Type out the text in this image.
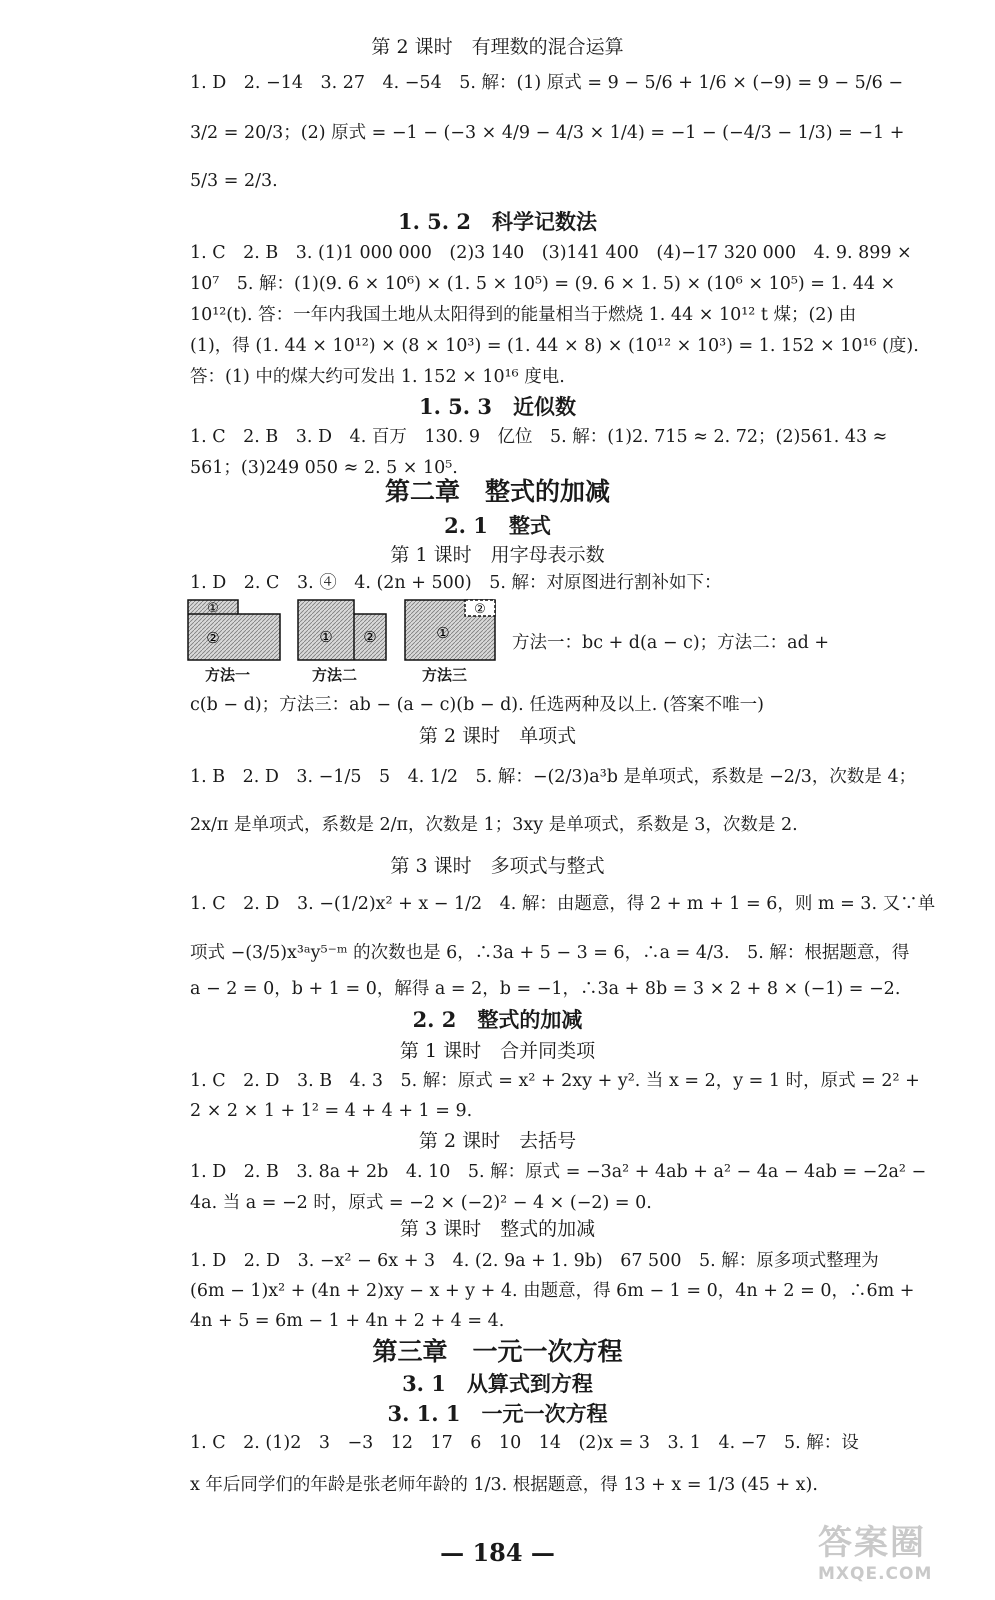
第 2 课时　有理数的混合运算
1. D　2. −14　3. 27　4. −54　5. 解：(1) 原式 = 9 − 5/6 + 1/6 × (−9) = 9 − 5/6 −
3/2 = 20/3；(2) 原式 = −1 − (−3 × 4/9 − 4/3 × 1/4) = −1 − (−4/3 − 1/3) = −1 +
5/3 = 2/3.
1. 5. 2　科学记数法
1. C　2. B　3. (1)1 000 000　(2)3 140　(3)141 400　(4)−17 320 000　4. 9. 899 ×
10⁷　5. 解：(1)(9. 6 × 10⁶) × (1. 5 × 10⁵) = (9. 6 × 1. 5) × (10⁶ × 10⁵) = 1. 44 ×
10¹²(t). 答：一年内我国土地从太阳得到的能量相当于燃烧 1. 44 × 10¹² t 煤；(2) 由
(1)，得 (1. 44 × 10¹²) × (8 × 10³) = (1. 44 × 8) × (10¹² × 10³) = 1. 152 × 10¹⁶ (度).
答：(1) 中的煤大约可发出 1. 152 × 10¹⁶ 度电.
1. 5. 3　近似数
1. C　2. B　3. D　4. 百万　130. 9　亿位　5. 解：(1)2. 715 ≈ 2. 72；(2)561. 43 ≈
561；(3)249 050 ≈ 2. 5 × 10⁵.
第二章　整式的加减
2. 1　整式
第 1 课时　用字母表示数
1. D　2. C　3. ④　4. (2n + 500)　5. 解：对原图进行割补如下：
①
②
方法一
① ②
方法二
①
②
方法三
方法一：bc + d(a − c)；方法二：ad +
c(b − d)；方法三：ab − (a − c)(b − d). 任选两种及以上. (答案不唯一)
第 2 课时　单项式
1. B　2. D　3. −1/5　5　4. 1/2　5. 解：−(2/3)a³b 是单项式，系数是 −2/3，次数是 4；
2x/π 是单项式，系数是 2/π，次数是 1；3xy 是单项式，系数是 3，次数是 2.
第 3 课时　多项式与整式
1. C　2. D　3. −(1/2)x² + x − 1/2　4. 解：由题意，得 2 + m + 1 = 6，则 m = 3. 又∵单
项式 −(3/5)x³ᵃy⁵⁻ᵐ 的次数也是 6，∴3a + 5 − 3 = 6，∴a = 4/3.　5. 解：根据题意，得
a − 2 = 0，b + 1 = 0，解得 a = 2，b = −1，∴3a + 8b = 3 × 2 + 8 × (−1) = −2.
2. 2　整式的加减
第 1 课时　合并同类项
1. C　2. D　3. B　4. 3　5. 解：原式 = x² + 2xy + y². 当 x = 2，y = 1 时，原式 = 2² +
2 × 2 × 1 + 1² = 4 + 4 + 1 = 9.
第 2 课时　去括号
1. D　2. B　3. 8a + 2b　4. 10　5. 解：原式 = −3a² + 4ab + a² − 4a − 4ab = −2a² −
4a. 当 a = −2 时，原式 = −2 × (−2)² − 4 × (−2) = 0.
第 3 课时　整式的加减
1. D　2. D　3. −x² − 6x + 3　4. (2. 9a + 1. 9b)　67 500　5. 解：原多项式整理为
(6m − 1)x² + (4n + 2)xy − x + y + 4. 由题意，得 6m − 1 = 0，4n + 2 = 0，∴6m +
4n + 5 = 6m − 1 + 4n + 2 + 4 = 4.
第三章　一元一次方程
3. 1　从算式到方程
3. 1. 1　一元一次方程
1. C　2. (1)2　3　−3　12　17　6　10　14　(2)x = 3　3. 1　4. −7　5. 解：设
x 年后同学们的年龄是张老师年龄的 1/3. 根据题意，得 13 + x = 1/3 (45 + x).
— 184 —	答案圈
MXQE.COM
